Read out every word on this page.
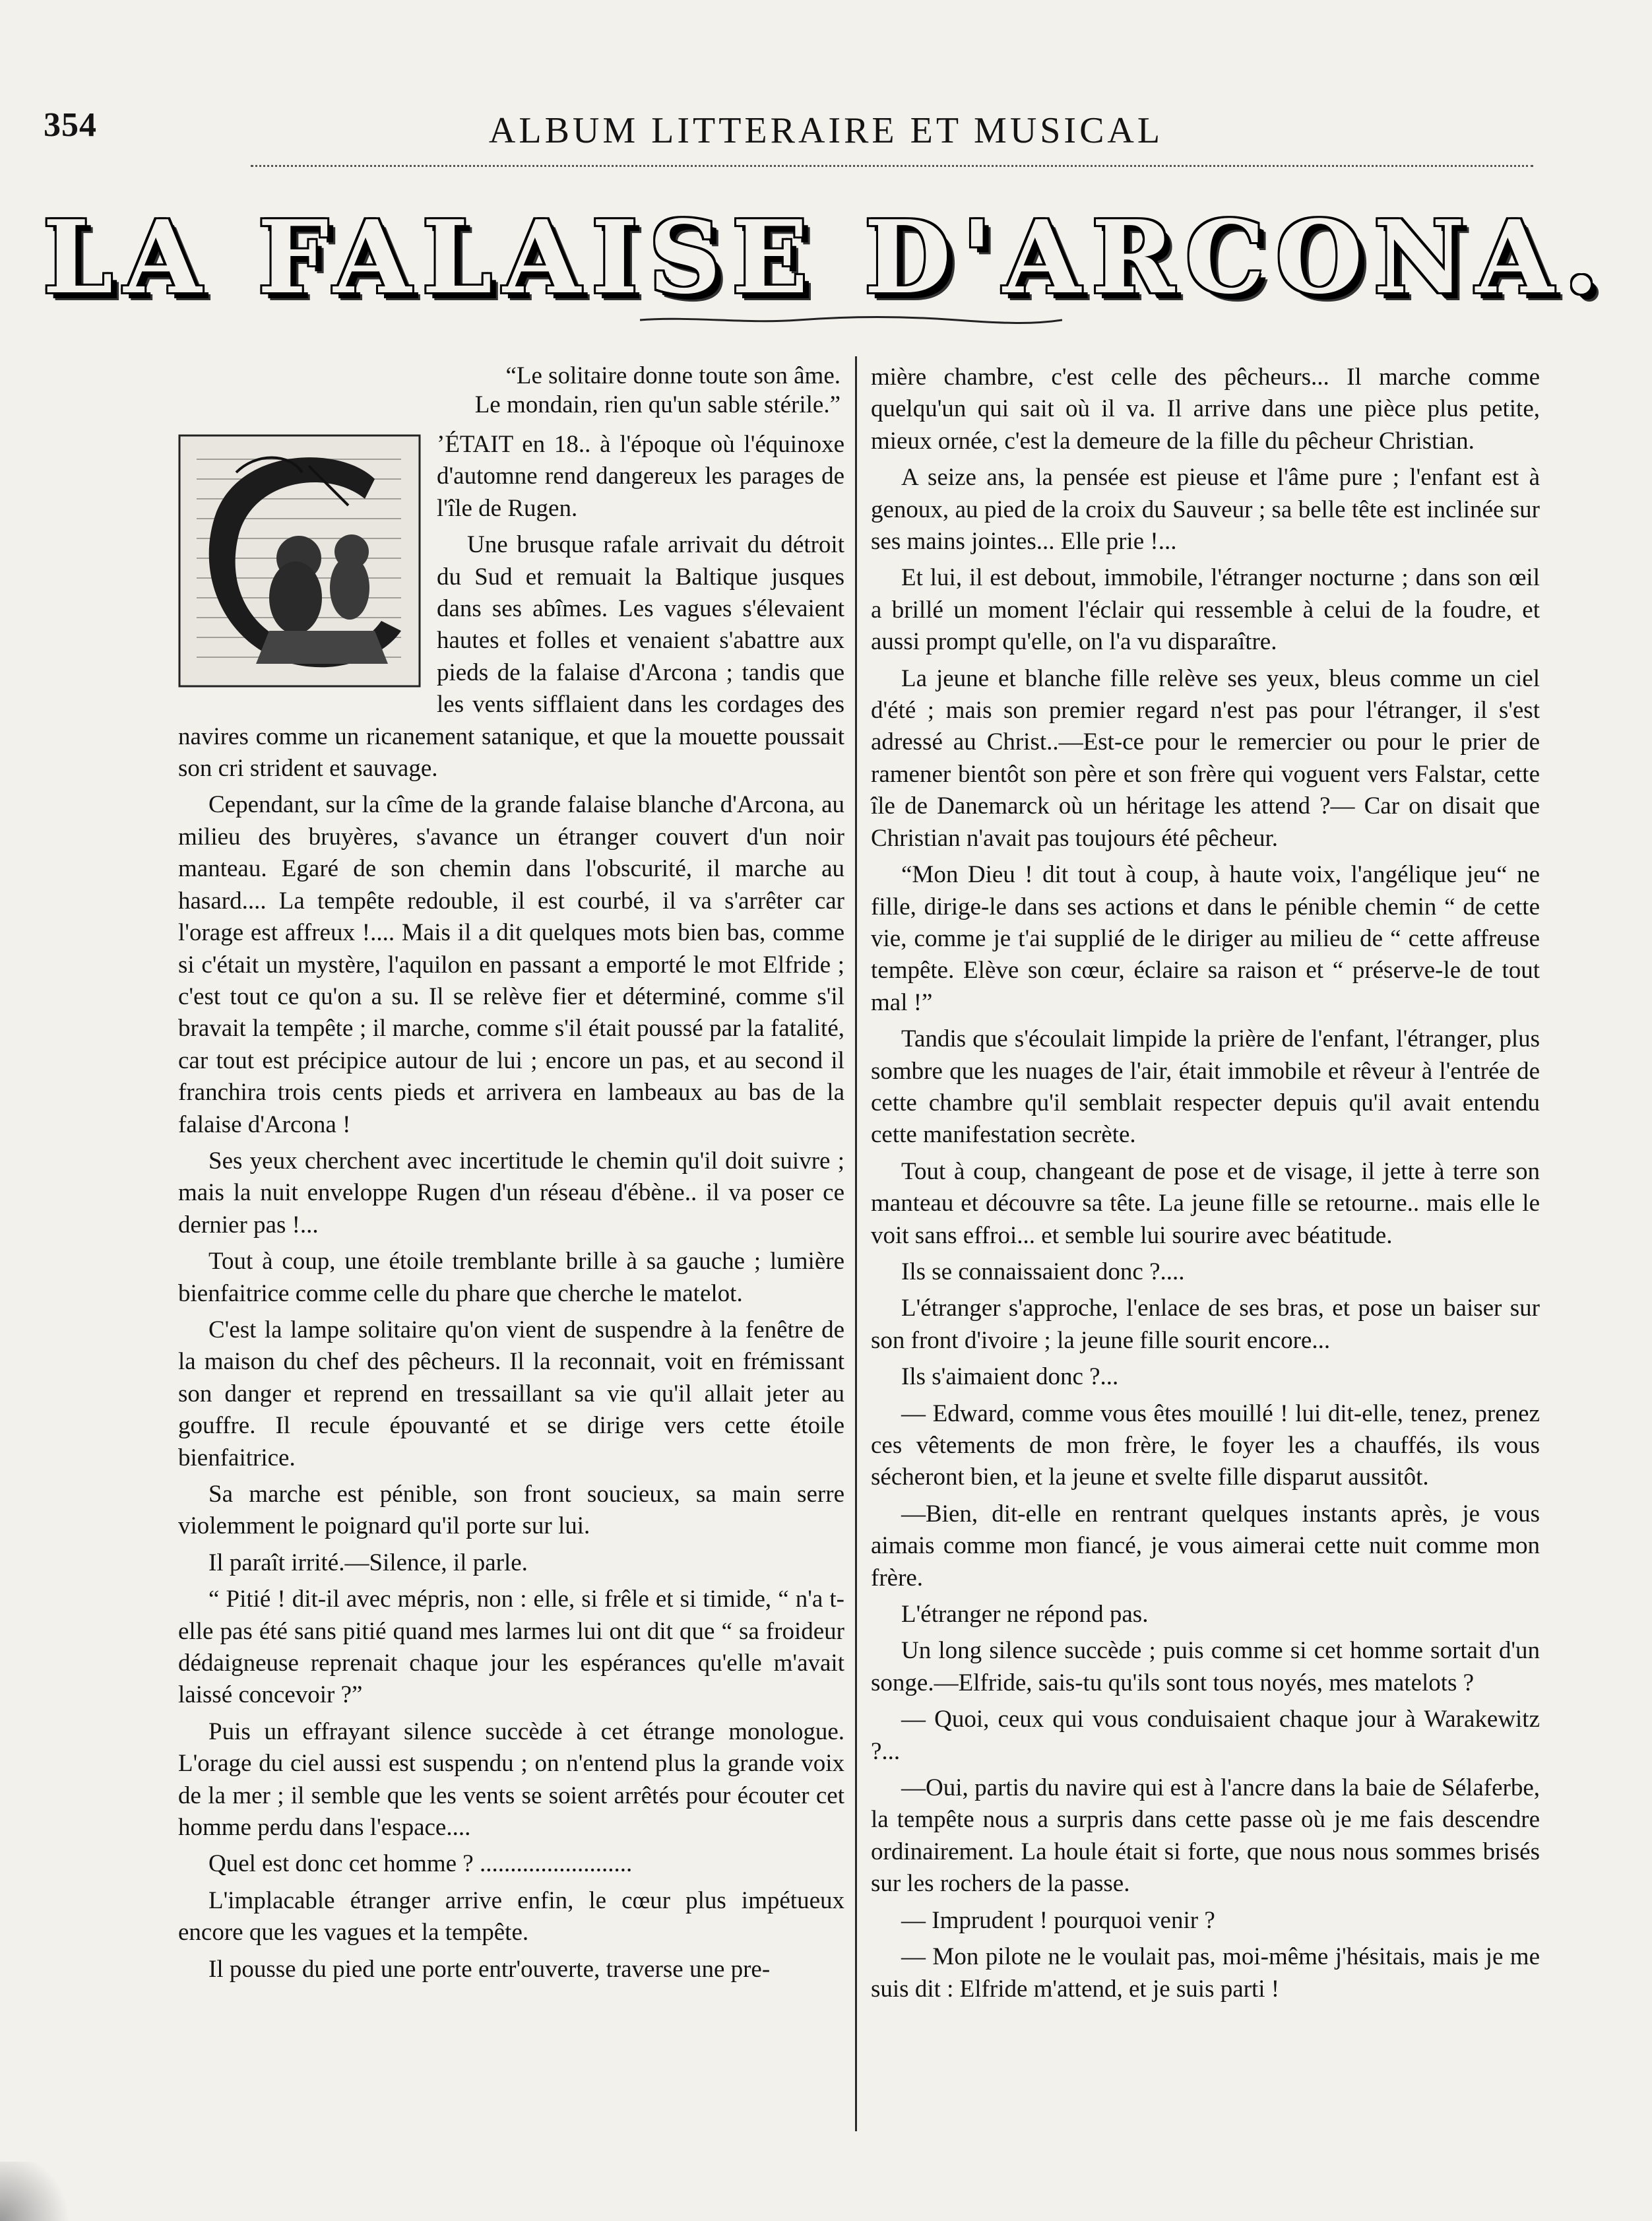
354	ALBUM LITTERAIRE ET MUSICAL
LA FALAISE D'ARCONA.
“Le solitaire donne toute son âme.
Le mondain, rien qu'un sable stérile.”

’ÉTAIT en 18.. à l'époque où l'équinoxe d'automne rend dangereux les parages de l'île de Rugen.

Une brusque rafale arrivait du détroit du Sud et remuait la Baltique jusques dans ses abîmes. Les vagues s'élevaient hautes et folles et venaient s'abattre aux pieds de la falaise d'Arcona ; tandis que les vents sifflaient dans les cordages des navires comme un ricanement satanique, et que la mouette poussait son cri strident et sauvage.

Cependant, sur la cîme de la grande falaise blanche d'Arcona, au milieu des bruyères, s'avance un étranger couvert d'un noir manteau. Egaré de son chemin dans l'obscurité, il marche au hasard.... La tempête redouble, il est courbé, il va s'arrêter car l'orage est affreux !.... Mais il a dit quelques mots bien bas, comme si c'était un mystère, l'aquilon en passant a emporté le mot Elfride ; c'est tout ce qu'on a su. Il se relève fier et déterminé, comme s'il bravait la tempête ; il marche, comme s'il était poussé par la fatalité, car tout est précipice autour de lui ; encore un pas, et au second il franchira trois cents pieds et arrivera en lambeaux au bas de la falaise d'Arcona !

Ses yeux cherchent avec incertitude le chemin qu'il doit suivre ; mais la nuit enveloppe Rugen d'un réseau d'ébène.. il va poser ce dernier pas !...

Tout à coup, une étoile tremblante brille à sa gauche ; lumière bienfaitrice comme celle du phare que cherche le matelot.

C'est la lampe solitaire qu'on vient de suspendre à la fenêtre de la maison du chef des pêcheurs. Il la reconnait, voit en frémissant son danger et reprend en tressaillant sa vie qu'il allait jeter au gouffre. Il recule épouvanté et se dirige vers cette étoile bienfaitrice.

Sa marche est pénible, son front soucieux, sa main serre violemment le poignard qu'il porte sur lui.

Il paraît irrité.—Silence, il parle.

“ Pitié ! dit-il avec mépris, non : elle, si frêle et si timide, “ n'a t-elle pas été sans pitié quand mes larmes lui ont dit que “ sa froideur dédaigneuse reprenait chaque jour les espérances qu'elle m'avait laissé concevoir ?”

Puis un effrayant silence succède à cet étrange monologue. L'orage du ciel aussi est suspendu ; on n'entend plus la grande voix de la mer ; il semble que les vents se soient arrêtés pour écouter cet homme perdu dans l'espace....

Quel est donc cet homme ? .........................

L'implacable étranger arrive enfin, le cœur plus impétueux encore que les vagues et la tempête.

Il pousse du pied une porte entr'ouverte, traverse une pre-

mière chambre, c'est celle des pêcheurs... Il marche comme quelqu'un qui sait où il va. Il arrive dans une pièce plus petite, mieux ornée, c'est la demeure de la fille du pêcheur Christian.

A seize ans, la pensée est pieuse et l'âme pure ; l'enfant est à genoux, au pied de la croix du Sauveur ; sa belle tête est inclinée sur ses mains jointes... Elle prie !...

Et lui, il est debout, immobile, l'étranger nocturne ; dans son œil a brillé un moment l'éclair qui ressemble à celui de la foudre, et aussi prompt qu'elle, on l'a vu disparaître.

La jeune et blanche fille relève ses yeux, bleus comme un ciel d'été ; mais son premier regard n'est pas pour l'étranger, il s'est adressé au Christ..—Est-ce pour le remercier ou pour le prier de ramener bientôt son père et son frère qui voguent vers Falstar, cette île de Danemarck où un héritage les attend ?— Car on disait que Christian n'avait pas toujours été pêcheur.

“Mon Dieu ! dit tout à coup, à haute voix, l'angélique jeu“ ne fille, dirige-le dans ses actions et dans le pénible chemin “ de cette vie, comme je t'ai supplié de le diriger au milieu de “ cette affreuse tempête. Elève son cœur, éclaire sa raison et “ préserve-le de tout mal !”

Tandis que s'écoulait limpide la prière de l'enfant, l'étranger, plus sombre que les nuages de l'air, était immobile et rêveur à l'entrée de cette chambre qu'il semblait respecter depuis qu'il avait entendu cette manifestation secrète.

Tout à coup, changeant de pose et de visage, il jette à terre son manteau et découvre sa tête. La jeune fille se retourne.. mais elle le voit sans effroi... et semble lui sourire avec béatitude.

Ils se connaissaient donc ?....

L'étranger s'approche, l'enlace de ses bras, et pose un baiser sur son front d'ivoire ; la jeune fille sourit encore...

Ils s'aimaient donc ?...

— Edward, comme vous êtes mouillé ! lui dit-elle, tenez, prenez ces vêtements de mon frère, le foyer les a chauffés, ils vous sécheront bien, et la jeune et svelte fille disparut aussitôt.

—Bien, dit-elle en rentrant quelques instants après, je vous aimais comme mon fiancé, je vous aimerai cette nuit comme mon frère.

L'étranger ne répond pas.

Un long silence succède ; puis comme si cet homme sortait d'un songe.—Elfride, sais-tu qu'ils sont tous noyés, mes matelots ?

— Quoi, ceux qui vous conduisaient chaque jour à Warakewitz ?...

—Oui, partis du navire qui est à l'ancre dans la baie de Sélaferbe, la tempête nous a surpris dans cette passe où je me fais descendre ordinairement. La houle était si forte, que nous nous sommes brisés sur les rochers de la passe.

— Imprudent ! pourquoi venir ?

— Mon pilote ne le voulait pas, moi-même j'hésitais, mais je me suis dit : Elfride m'attend, et je suis parti !
